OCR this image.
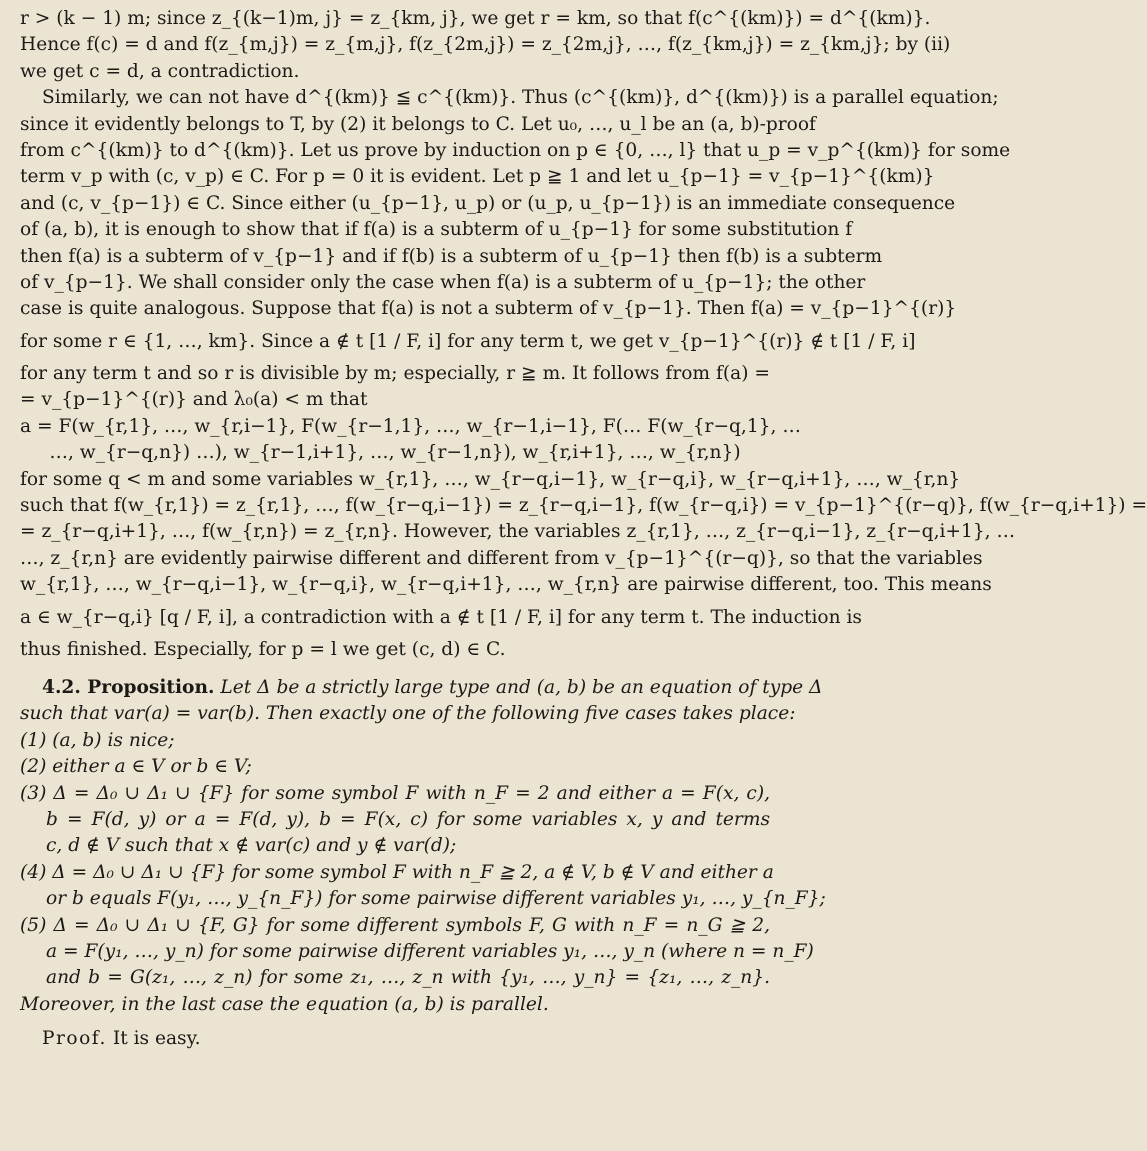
r > (k − 1) m; since z_{(k−1)m, j} = z_{km, j}, we get r = km, so that f(c^{(km)}) = d^{(km)}.
Hence f(c) = d and f(z_{m,j}) = z_{m,j}, f(z_{2m,j}) = z_{2m,j}, …, f(z_{km,j}) = z_{km,j}; by (ii)
we get c = d, a contradiction.
Similarly, we can not have d^{(km)} ≦ c^{(km)}. Thus (c^{(km)}, d^{(km)}) is a parallel equation;
since it evidently belongs to T, by (2) it belongs to C. Let u₀, …, u_l be an (a, b)-proof
from c^{(km)} to d^{(km)}. Let us prove by induction on p ∈ {0, …, l} that u_p = v_p^{(km)} for some
term v_p with (c, v_p) ∈ C. For p = 0 it is evident. Let p ≧ 1 and let u_{p−1} = v_{p−1}^{(km)}
and (c, v_{p−1}) ∈ C. Since either (u_{p−1}, u_p) or (u_p, u_{p−1}) is an immediate consequence
of (a, b), it is enough to show that if f(a) is a subterm of u_{p−1} for some substitution f
then f(a) is a subterm of v_{p−1} and if f(b) is a subterm of u_{p−1} then f(b) is a subterm
of v_{p−1}. We shall consider only the case when f(a) is a subterm of u_{p−1}; the other
case is quite analogous. Suppose that f(a) is not a subterm of v_{p−1}. Then f(a) = v_{p−1}^{(r)}
for some r ∈ {1, …, km}. Since a ∉ t [1 / F, i] for any term t, we get v_{p−1}^{(r)} ∉ t [1 / F, i]
for any term t and so r is divisible by m; especially, r ≧ m. It follows from f(a) =
= v_{p−1}^{(r)} and λ₀(a) < m that
a = F(w_{r,1}, …, w_{r,i−1}, F(w_{r−1,1}, …, w_{r−1,i−1}, F(… F(w_{r−q,1}, …
…, w_{r−q,n}) …), w_{r−1,i+1}, …, w_{r−1,n}), w_{r,i+1}, …, w_{r,n})
for some q < m and some variables w_{r,1}, …, w_{r−q,i−1}, w_{r−q,i}, w_{r−q,i+1}, …, w_{r,n}
such that f(w_{r,1}) = z_{r,1}, …, f(w_{r−q,i−1}) = z_{r−q,i−1}, f(w_{r−q,i}) = v_{p−1}^{(r−q)}, f(w_{r−q,i+1}) =
= z_{r−q,i+1}, …, f(w_{r,n}) = z_{r,n}. However, the variables z_{r,1}, …, z_{r−q,i−1}, z_{r−q,i+1}, …
…, z_{r,n} are evidently pairwise different and different from v_{p−1}^{(r−q)}, so that the variables
w_{r,1}, …, w_{r−q,i−1}, w_{r−q,i}, w_{r−q,i+1}, …, w_{r,n} are pairwise different, too. This means
a ∈ w_{r−q,i} [q / F, i], a contradiction with a ∉ t [1 / F, i] for any term t. The induction is
thus finished. Especially, for p = l we get (c, d) ∈ C.
4.2. Proposition. Let Δ be a strictly large type and (a, b) be an equation of type Δ
such that var(a) = var(b). Then exactly one of the following five cases takes place:
(1) (a, b) is nice;
(2) either a ∈ V or b ∈ V;
(3) Δ = Δ₀ ∪ Δ₁ ∪ {F} for some symbol F with n_F = 2 and either a = F(x, c),
b = F(d, y) or a = F(d, y), b = F(x, c) for some variables x, y and terms
c, d ∉ V such that x ∉ var(c) and y ∉ var(d);
(4) Δ = Δ₀ ∪ Δ₁ ∪ {F} for some symbol F with n_F ≧ 2, a ∉ V, b ∉ V and either a
or b equals F(y₁, …, y_{n_F}) for some pairwise different variables y₁, …, y_{n_F};
(5) Δ = Δ₀ ∪ Δ₁ ∪ {F, G} for some different symbols F, G with n_F = n_G ≧ 2,
a = F(y₁, …, y_n) for some pairwise different variables y₁, …, y_n (where n = n_F)
and b = G(z₁, …, z_n) for some z₁, …, z_n with {y₁, …, y_n} = {z₁, …, z_n}.
Moreover, in the last case the equation (a, b) is parallel.
Proof. It is easy.
